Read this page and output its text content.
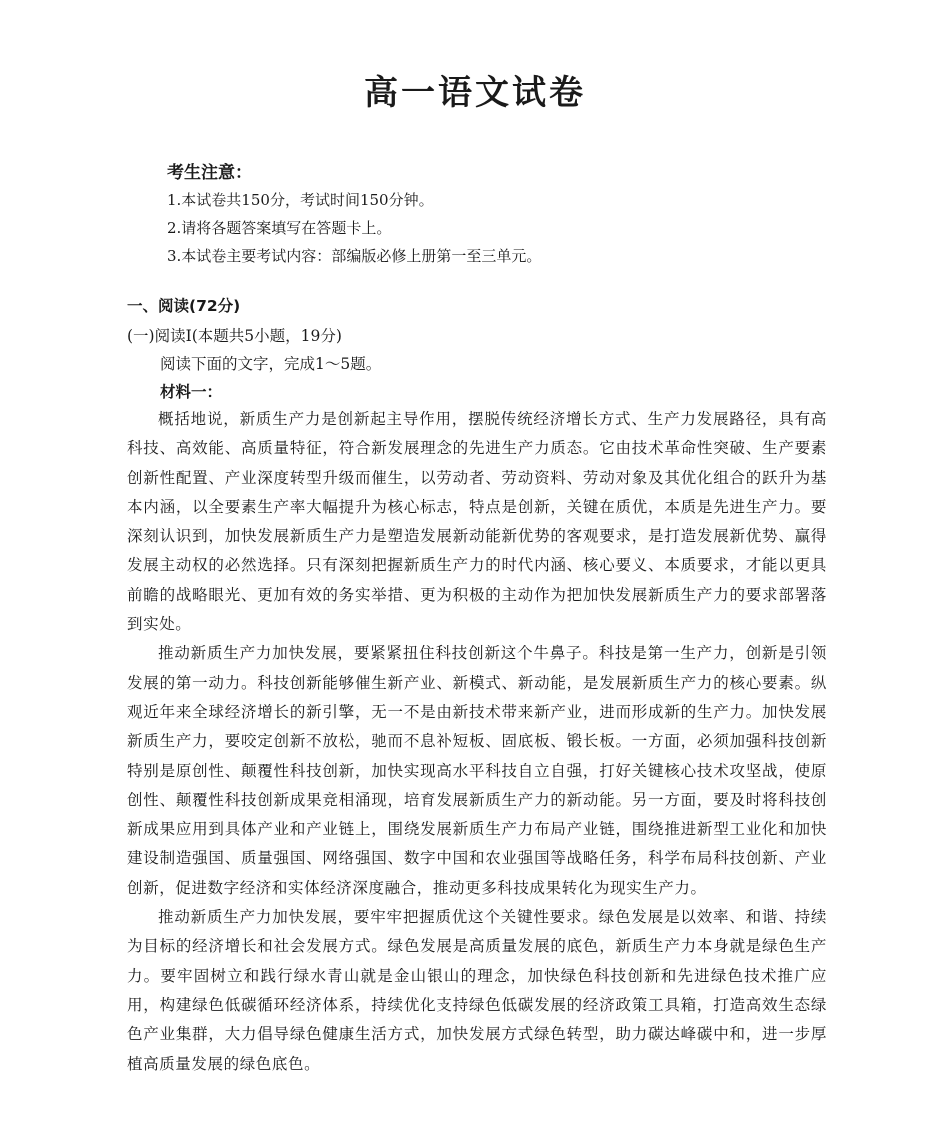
高一语文试卷
考生注意：
1.本试卷共150分，考试时间150分钟。
2.请将各题答案填写在答题卡上。
3.本试卷主要考试内容：部编版必修上册第一至三单元。
一、阅读(72分)
(一)阅读Ⅰ(本题共5小题，19分)
阅读下面的文字，完成1～5题。
材料一：

概括地说，新质生产力是创新起主导作用，摆脱传统经济增长方式、生产力发展路径，具有高科技、高效能、高质量特征，符合新发展理念的先进生产力质态。它由技术革命性突破、生产要素创新性配置、产业深度转型升级而催生，以劳动者、劳动资料、劳动对象及其优化组合的跃升为基本内涵，以全要素生产率大幅提升为核心标志，特点是创新，关键在质优，本质是先进生产力。要深刻认识到，加快发展新质生产力是塑造发展新动能新优势的客观要求，是打造发展新优势、赢得发展主动权的必然选择。只有深刻把握新质生产力的时代内涵、核心要义、本质要求，才能以更具前瞻的战略眼光、更加有效的务实举措、更为积极的主动作为把加快发展新质生产力的要求部署落到实处。

推动新质生产力加快发展，要紧紧扭住科技创新这个牛鼻子。科技是第一生产力，创新是引领发展的第一动力。科技创新能够催生新产业、新模式、新动能，是发展新质生产力的核心要素。纵观近年来全球经济增长的新引擎，无一不是由新技术带来新产业，进而形成新的生产力。加快发展新质生产力，要咬定创新不放松，驰而不息补短板、固底板、锻长板。一方面，必须加强科技创新特别是原创性、颠覆性科技创新，加快实现高水平科技自立自强，打好关键核心技术攻坚战，使原创性、颠覆性科技创新成果竞相涌现，培育发展新质生产力的新动能。另一方面，要及时将科技创新成果应用到具体产业和产业链上，围绕发展新质生产力布局产业链，围绕推进新型工业化和加快建设制造强国、质量强国、网络强国、数字中国和农业强国等战略任务，科学布局科技创新、产业创新，促进数字经济和实体经济深度融合，推动更多科技成果转化为现实生产力。

推动新质生产力加快发展，要牢牢把握质优这个关键性要求。绿色发展是以效率、和谐、持续为目标的经济增长和社会发展方式。绿色发展是高质量发展的底色，新质生产力本身就是绿色生产力。要牢固树立和践行绿水青山就是金山银山的理念，加快绿色科技创新和先进绿色技术推广应用，构建绿色低碳循环经济体系，持续优化支持绿色低碳发展的经济政策工具箱，打造高效生态绿色产业集群，大力倡导绿色健康生活方式，加快发展方式绿色转型，助力碳达峰碳中和，进一步厚植高质量发展的绿色底色。
